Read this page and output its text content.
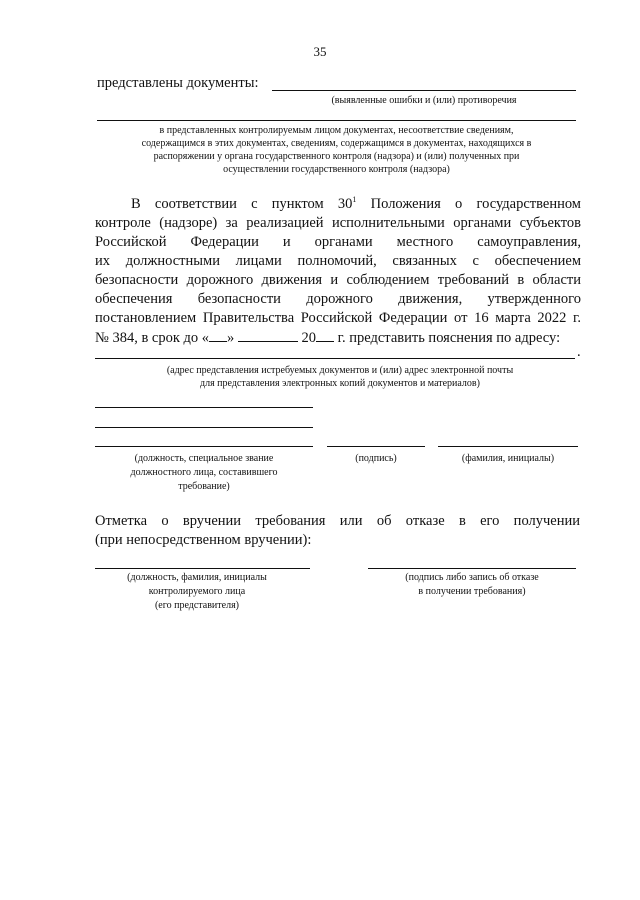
35
представлены документы:
(выявленные ошибки и (или) противоречия
в представленных контролируемым лицом документах, несоответствие сведениям,
содержащимся в этих документах, сведениям, содержащимся в документах, находящихся в
распоряжении у органа государственного контроля (надзора) и (или) полученных при
осуществлении государственного контроля (надзора)
В соответствии с пунктом $30^1$ Положения о государственном
контроле (надзоре) за реализацией исполнительными органами субъектов
Российской Федерации и органами местного самоуправления,
их должностными лицами полномочий, связанных с обеспечением
безопасности дорожного движения и соблюдением требований в области
обеспечения безопасности дорожного движения, утвержденного
постановлением Правительства Российской Федерации от 16 марта 2022 г.
№ 384, в срок до « »	20 г. представить пояснения по адресу:
.
(адрес представления истребуемых документов и (или) адрес электронной почты
для представления электронных копий документов и материалов)
(должность, специальное звание
должностного лица, составившего
требование)
(подпись)	(фамилия, инициалы)
Отметка о вручении требования или об отказе в его получении
(при непосредственном вручении):
(должность, фамилия, инициалы
контролируемого лица
(его представителя)
(подпись либо запись об отказе
в получении требования)
